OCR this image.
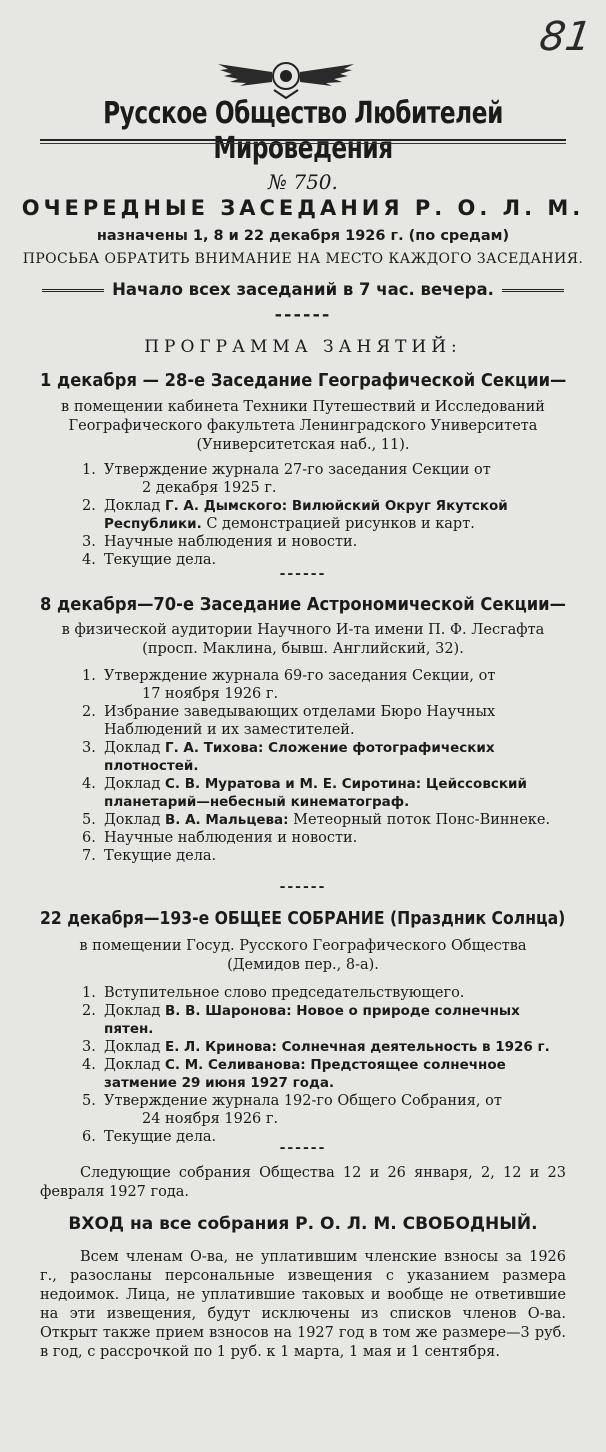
81
Русское Общество Любителей Мироведения
№ 750.
ОЧЕРЕДНЫЕ ЗАСЕДАНИЯ Р. О. Л. М.
назначены 1, 8 и 22 декабря 1926 г. (по средам)
ПРОСЬБА ОБРАТИТЬ ВНИМАНИЕ НА МЕСТО КАЖДОГО ЗАСЕДАНИЯ.
Начало всех заседаний в 7 час. вечера.
------
ПРОГРАММА ЗАНЯТИЙ:
1 декабря — 28-е Заседание Географической Секции—
в помещении кабинета Техники Путешествий и Исследований
Географического факультета Ленинградского Университета
(Университетская наб., 11).
1. Утверждение журнала 27-го заседания Секции от
2 декабря 1925 г.
2. Доклад Г. А. Дымского: Вилюйский Округ Якутской Республики. С демонстрацией рисунков и карт.
3. Научные наблюдения и новости.
4. Текущие дела.
------
8 декабря—70-е Заседание Астрономической Секции—
в физической аудитории Научного И-та имени П. Ф. Лесгафта
(просп. Маклина, бывш. Английский, 32).
1. Утверждение журнала 69-го заседания Секции, от
17 ноября 1926 г.
2. Избрание заведывающих отделами Бюро Научных Наблюдений и их заместителей.
3. Доклад Г. А. Тихова: Сложение фотографических плотностей.
4. Доклад С. В. Муратова и М. Е. Сиротина: Цейссовский планетарий—небесный кинематограф.
5. Доклад В. А. Мальцева: Метеорный поток Понс-Виннеке.
6. Научные наблюдения и новости.
7. Текущие дела.
------
22 декабря—193-е ОБЩЕЕ СОБРАНИЕ (Праздник Солнца)
в помещении Госуд. Русского Географического Общества
(Демидов пер., 8-а).
1. Вступительное слово председательствующего.
2. Доклад В. В. Шаронова: Новое о природе солнечных пятен.
3. Доклад Е. Л. Кринова: Солнечная деятельность в 1926 г.
4. Доклад С. М. Селиванова: Предстоящее солнечное затмение 29 июня 1927 года.
5. Утверждение журнала 192-го Общего Собрания, от
24 ноября 1926 г.
6. Текущие дела.
------
Следующие собрания Общества 12 и 26 января, 2, 12 и 23 февраля 1927 года.
ВХОД на все собрания Р. О. Л. М. СВОБОДНЫЙ.
Всем членам О-ва, не уплатившим членские взносы за 1926 г., разосланы персональные извещения с указанием размера недоимок. Лица, не уплатившие таковых и вообще не ответившие на эти извещения, будут исключены из списков членов О-ва. Открыт также прием взносов на 1927 год в том же размере—3 руб. в год, с рассрочкой по 1 руб. к 1 марта, 1 мая и 1 сентября.
